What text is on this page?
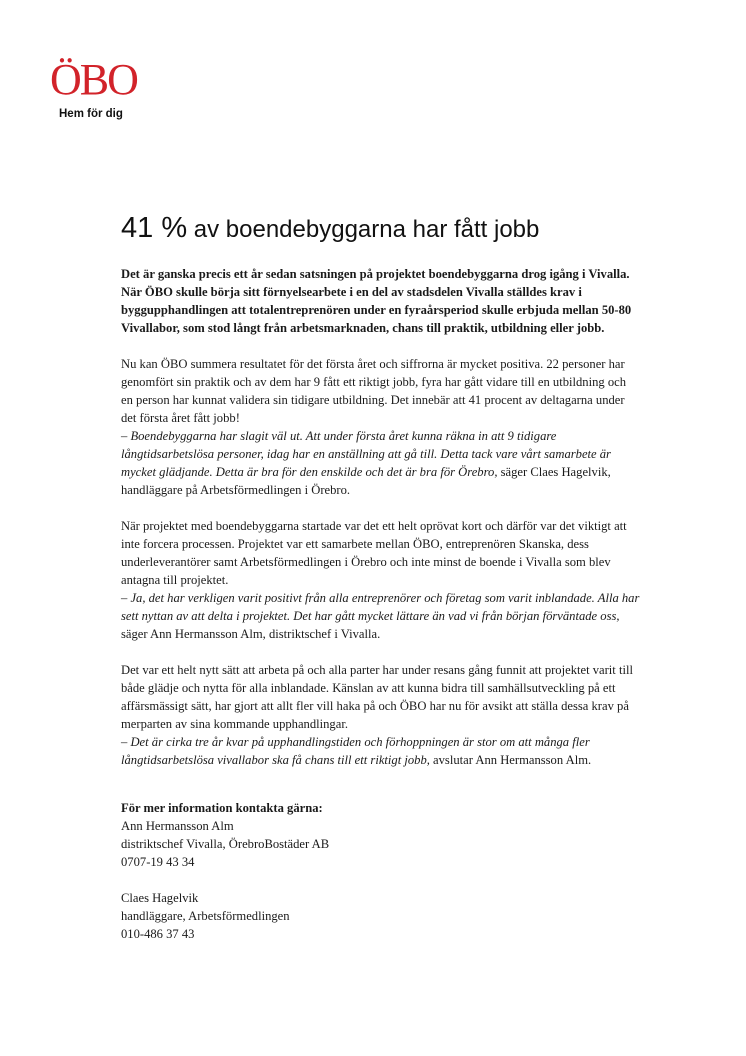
ÖBO
Hem för dig
41 % av boendebyggarna har fått jobb

Det är ganska precis ett år sedan satsningen på projektet boendebyggarna drog igång i Vivalla. När ÖBO skulle börja sitt förnyelsearbete i en del av stadsdelen Vivalla ställdes krav i byggupphandlingen att totalentreprenören under en fyraårsperiod skulle erbjuda mellan 50-80 Vivallabor, som stod långt från arbetsmarknaden, chans till praktik, utbildning eller jobb.

Nu kan ÖBO summera resultatet för det första året och siffrorna är mycket positiva. 22 personer har genomfört sin praktik och av dem har 9 fått ett riktigt jobb, fyra har gått vidare till en utbildning och en person har kunnat validera sin tidigare utbildning. Det innebär att 41 procent av deltagarna under det första året fått jobb!
– Boendebyggarna har slagit väl ut. Att under första året kunna räkna in att 9 tidigare långtidsarbetslösa personer, idag har en anställning att gå till. Detta tack vare vårt samarbete är mycket glädjande. Detta är bra för den enskilde och det är bra för Örebro, säger Claes Hagelvik, handläggare på Arbetsförmedlingen i Örebro.

När projektet med boendebyggarna startade var det ett helt oprövat kort och därför var det viktigt att inte forcera processen. Projektet var ett samarbete mellan ÖBO, entreprenören Skanska, dess underleverantörer samt Arbetsförmedlingen i Örebro och inte minst de boende i Vivalla som blev antagna till projektet.
– Ja, det har verkligen varit positivt från alla entreprenörer och företag som varit inblandade. Alla har sett nyttan av att delta i projektet. Det har gått mycket lättare än vad vi från början förväntade oss, säger Ann Hermansson Alm, distriktschef i Vivalla.

Det var ett helt nytt sätt att arbeta på och alla parter har under resans gång funnit att projektet varit till både glädje och nytta för alla inblandade. Känslan av att kunna bidra till samhällsutveckling på ett affärsmässigt sätt, har gjort att allt fler vill haka på och ÖBO har nu för avsikt att ställa dessa krav på merparten av sina kommande upphandlingar.
– Det är cirka tre år kvar på upphandlingstiden och förhoppningen är stor om att många fler långtidsarbetslösa vivallabor ska få chans till ett riktigt jobb, avslutar Ann Hermansson Alm.

För mer information kontakta gärna:
Ann Hermansson Alm
distriktschef Vivalla, ÖrebroBostäder AB
0707-19 43 34
Claes Hagelvik
handläggare, Arbetsförmedlingen
010-486 37 43
